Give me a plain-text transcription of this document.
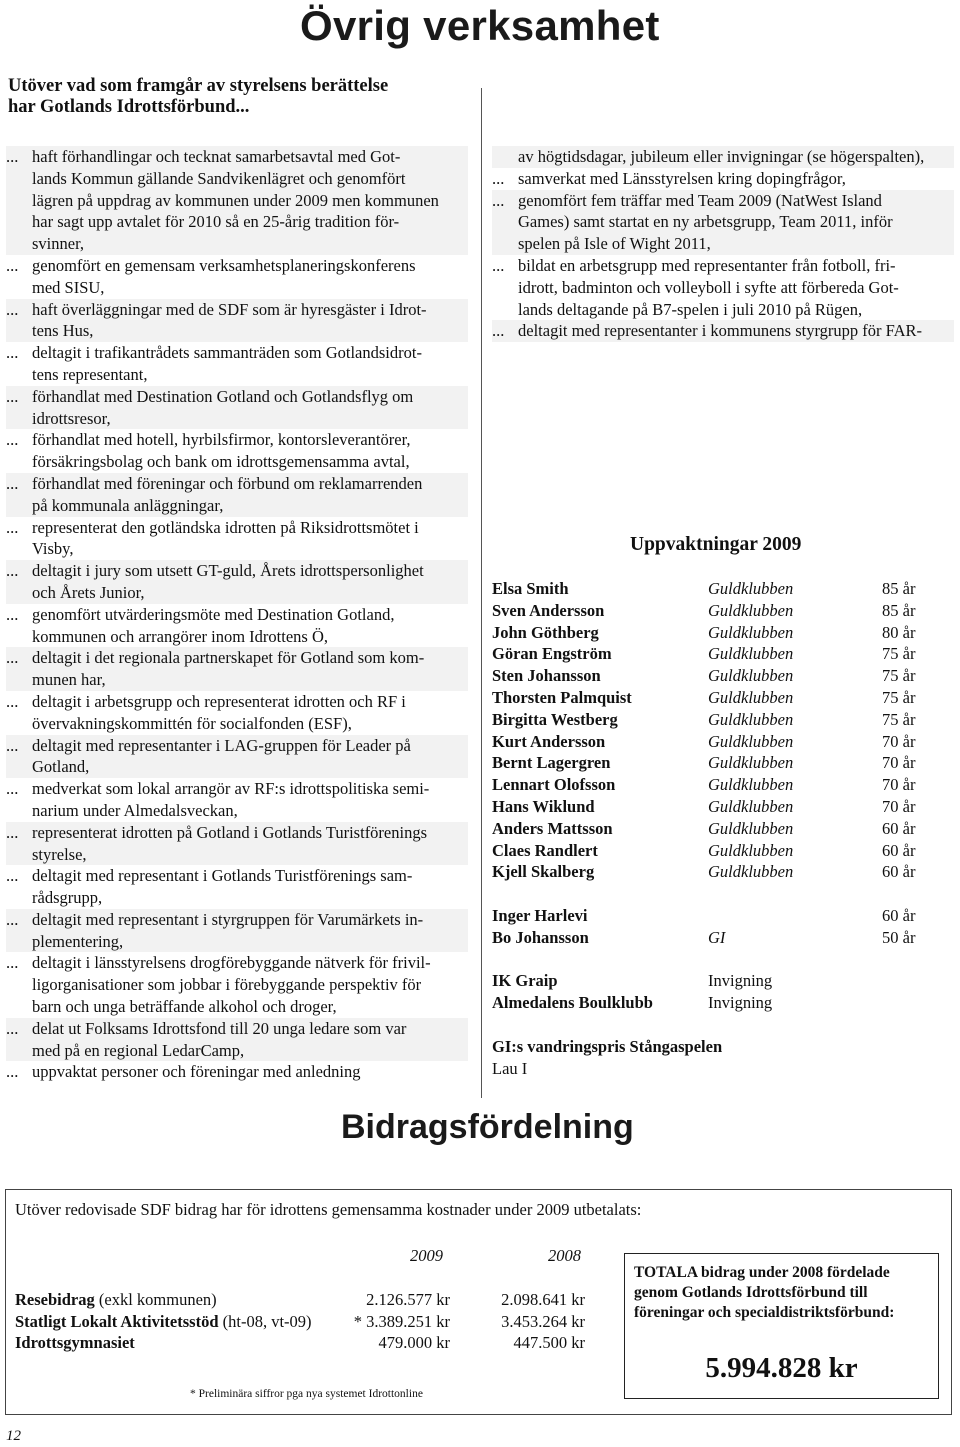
Övrig verksamhet
Utöver vad som framgår av styrelsens berättelse
har Gotlands Idrottsförbund...
... haft förhandlingar och tecknat samarbetsavtal med Got-
lands Kommun gällande Sandvikenlägret och genomfört
lägren på uppdrag av kommunen under 2009 men kommunen
har sagt upp avtalet för 2010 så en 25-årig tradition för-
svinner,
... genomfört en gemensam verksamhetsplaneringskonferens
med SISU,
... haft överläggningar med de SDF som är hyresgäster i Idrot-
tens Hus,
... deltagit i trafikantrådets sammanträden som Gotlandsidrot-
tens representant,
... förhandlat med Destination Gotland och Gotlandsflyg om
idrottsresor,
... förhandlat med hotell, hyrbilsfirmor, kontorsleverantörer,
försäkringsbolag och bank om idrottsgemensamma avtal,
... förhandlat med föreningar och förbund om reklamarrenden
på kommunala anläggningar,
... representerat den gotländska idrotten på Riksidrottsmötet i
Visby,
... deltagit i jury som utsett GT-guld, Årets idrottspersonlighet
och Årets Junior,
... genomfört utvärderingsmöte med Destination Gotland,
kommunen och arrangörer inom Idrottens Ö,
... deltagit i det regionala partnerskapet för Gotland som kom-
munen har,
... deltagit i arbetsgrupp och representerat idrotten och RF i
övervakningskommittén för socialfonden (ESF),
... deltagit med representanter i LAG-gruppen för Leader på
Gotland,
... medverkat som lokal arrangör av RF:s idrottspolitiska semi-
narium under Almedalsveckan,
... representerat idrotten på Gotland i Gotlands Turistförenings
styrelse,
... deltagit med representant i Gotlands Turistförenings sam-
rådsgrupp,
... deltagit med representant i styrgruppen för Varumärkets in-
plementering,
... deltagit i länsstyrelsens drogförebyggande nätverk för frivil-
ligorganisationer som jobbar i förebyggande perspektiv för
barn och unga beträffande alkohol och droger,
... delat ut Folksams Idrottsfond till 20 unga ledare som var
med på en regional LedarCamp,
... uppvaktat personer och föreningar med anledning
av högtidsdagar, jubileum eller invigningar (se högerspalten),
... samverkat med Länsstyrelsen kring dopingfrågor,
... genomfört fem träffar med Team 2009 (NatWest Island
Games) samt startat en ny arbetsgrupp, Team 2011, inför
spelen på Isle of Wight 2011,
... bildat en arbetsgrupp med representanter från fotboll, fri-
idrott, badminton och volleyboll i syfte att förbereda Got-
lands deltagande på B7-spelen i juli 2010 på Rügen,
... deltagit med representanter i kommunens styrgrupp för FAR-
Uppvaktningar 2009
Elsa Smith	Guldklubben	85 år
Sven Andersson	Guldklubben	85 år
John Göthberg	Guldklubben	80 år
Göran Engström	Guldklubben	75 år
Sten Johansson	Guldklubben	75 år
Thorsten Palmquist	Guldklubben	75 år
Birgitta Westberg	Guldklubben	75 år
Kurt Andersson	Guldklubben	70 år
Bernt Lagergren	Guldklubben	70 år
Lennart Olofsson	Guldklubben	70 år
Hans Wiklund	Guldklubben	70 år
Anders Mattsson	Guldklubben	60 år
Claes Randlert	Guldklubben	60 år
Kjell Skalberg	Guldklubben	60 år
Inger Harlevi	60 år
Bo Johansson	GI	50 år
IK Graip	Invigning
Almedalens Boulklubb	Invigning
GI:s vandringspris Stångaspelen
Lau I
Bidragsfördelning
Utöver redovisade SDF bidrag har för idrottens gemensamma kostnader under 2009 utbetalats:
2009	2008
Resebidrag (exkl kommunen)	2.126.577 kr	2.098.641 kr
Statligt Lokalt Aktivitetsstöd (ht-08, vt-09)	* 3.389.251 kr	3.453.264 kr
Idrottsgymnasiet	479.000 kr	447.500 kr
* Preliminära siffror pga nya systemet Idrottonline
TOTALA bidrag under 2008 fördelade genom Gotlands Idrottsförbund till föreningar och specialdistriktsförbund:
5.994.828 kr
12
